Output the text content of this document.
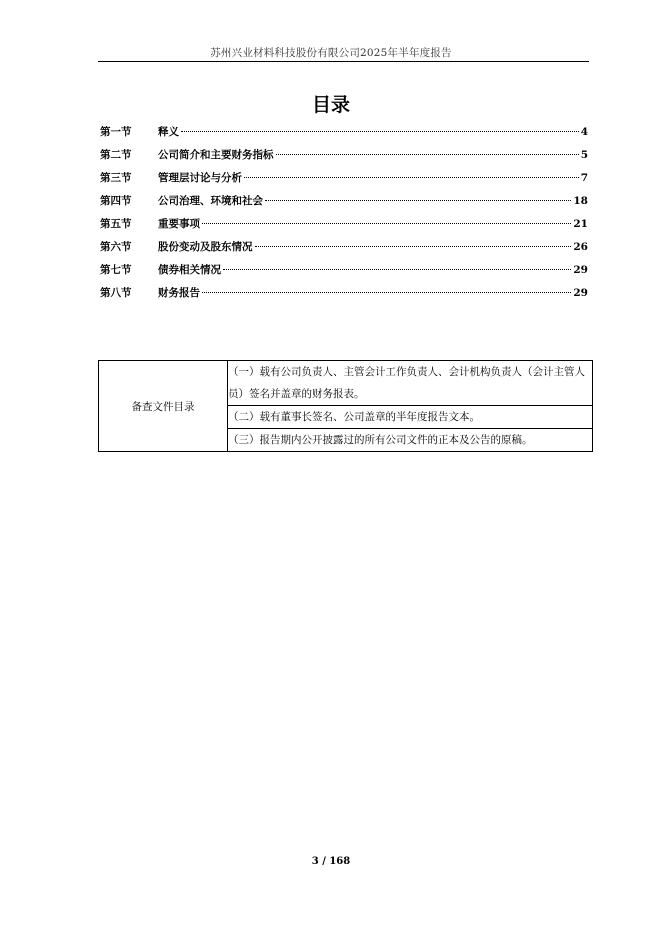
苏州兴业材料科技股份有限公司2025年半年度报告
目录
第一节	释义	4
第二节	公司简介和主要财务指标	5
第三节	管理层讨论与分析	7
第四节	公司治理、环境和社会	18
第五节	重要事项	21
第六节	股份变动及股东情况	26
第七节	债券相关情况	29
第八节	财务报告	29
备查文件目录	（一）载有公司负责人、主管会计工作负责人、会计机构负责人（会计主管人员）签名并盖章的财务报表。
（二）载有董事长签名、公司盖章的半年度报告文本。
（三）报告期内公开披露过的所有公司文件的正本及公告的原稿。
3 / 168
